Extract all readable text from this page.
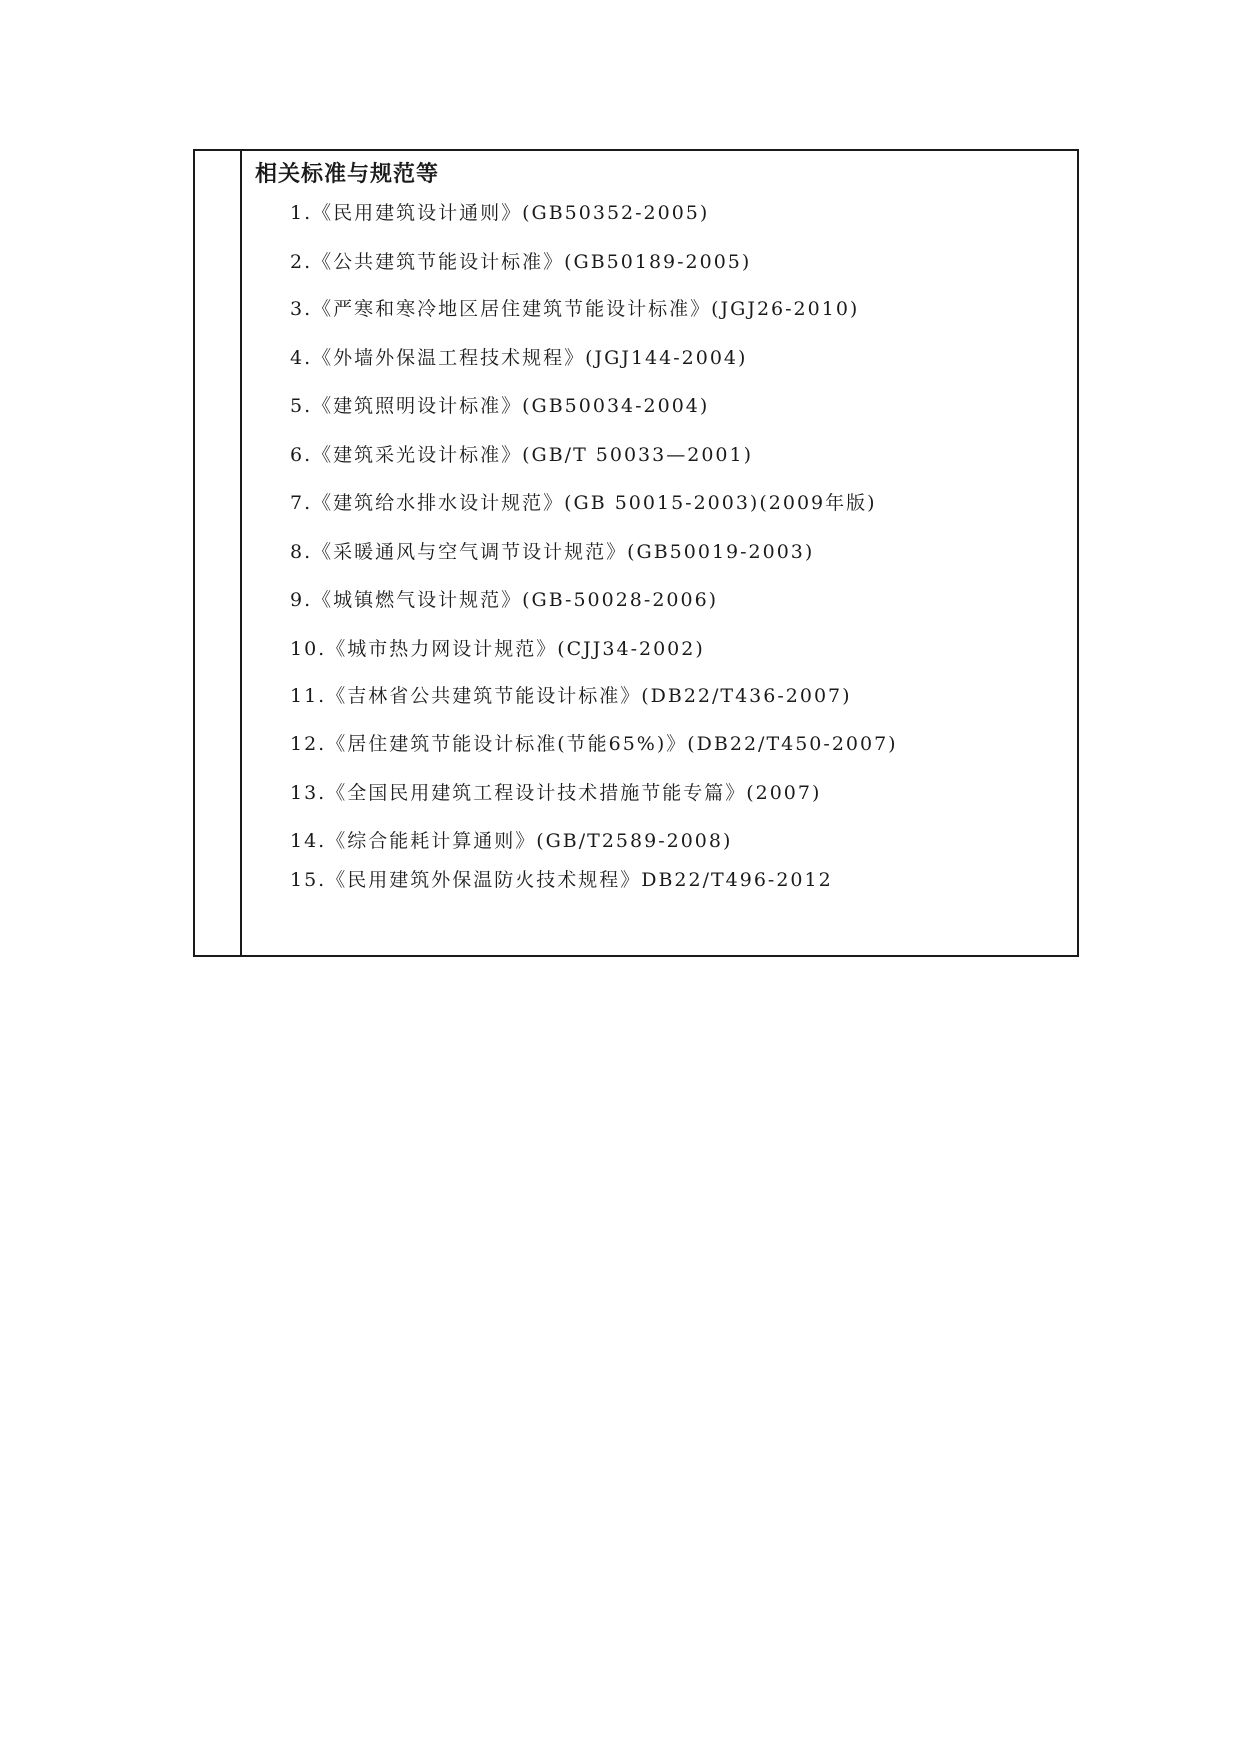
相关标准与规范等
1.《民用建筑设计通则》(GB50352-2005)
2.《公共建筑节能设计标准》(GB50189-2005)
3.《严寒和寒冷地区居住建筑节能设计标准》(JGJ26-2010)
4.《外墙外保温工程技术规程》(JGJ144-2004)
5.《建筑照明设计标准》(GB50034-2004)
6.《建筑采光设计标准》(GB/T 50033—2001)
7.《建筑给水排水设计规范》(GB 50015-2003)(2009年版)
8.《采暖通风与空气调节设计规范》(GB50019-2003)
9.《城镇燃气设计规范》(GB-50028-2006)
10.《城市热力网设计规范》(CJJ34-2002)
11.《吉林省公共建筑节能设计标准》(DB22/T436-2007)
12.《居住建筑节能设计标准(节能65%)》(DB22/T450-2007)
13.《全国民用建筑工程设计技术措施节能专篇》(2007)
14.《综合能耗计算通则》(GB/T2589-2008)
15.《民用建筑外保温防火技术规程》DB22/T496-2012
